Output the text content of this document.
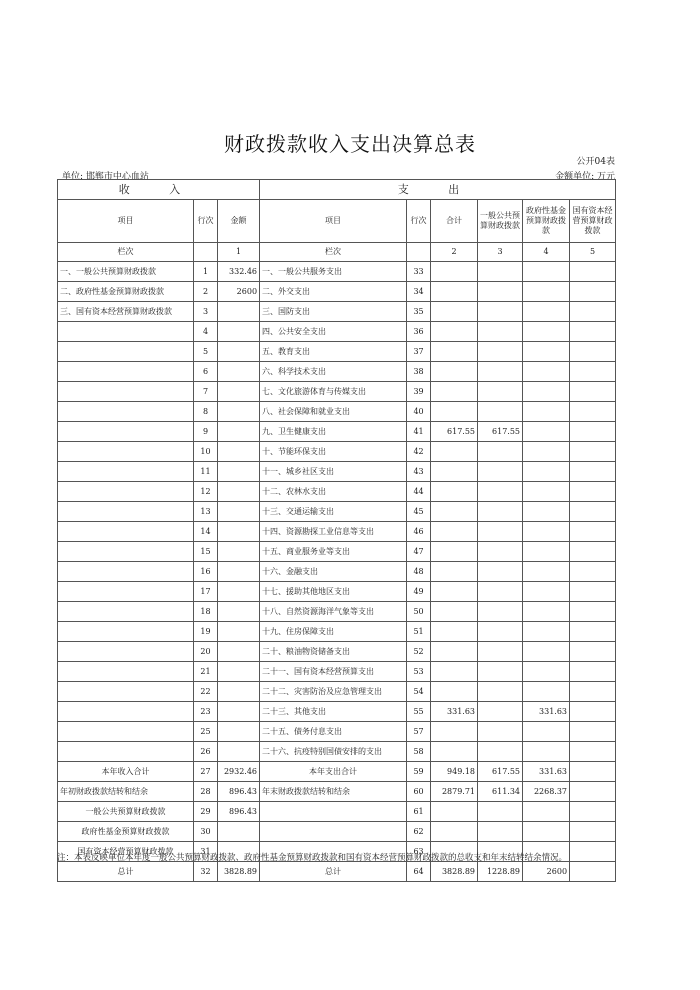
财政拨款收入支出决算总表
公开04表
单位: 邯郸市中心血站	金额单位: 万元
收 入			支 出					
项目	行次	金额	项目	行次	合计	一般公共预算财政拨款	政府性基金预算财政拨款	国有资本经营预算财政拨款
栏次		1	栏次		2	3	4	5
一、一般公共预算财政拨款	1	332.46	一、一般公共服务支出	33				
二、政府性基金预算财政拨款	2	2600	二、外交支出	34				
三、国有资本经营预算财政拨款	3		三、国防支出	35				
	4		四、公共安全支出	36				
	5		五、教育支出	37				
	6		六、科学技术支出	38				
	7		七、文化旅游体育与传媒支出	39				
	8		八、社会保障和就业支出	40				
	9		九、卫生健康支出	41	617.55	617.55		
	10		十、节能环保支出	42				
	11		十一、城乡社区支出	43				
	12		十二、农林水支出	44				
	13		十三、交通运输支出	45				
	14		十四、资源勘探工业信息等支出	46				
	15		十五、商业服务业等支出	47				
	16		十六、金融支出	48				
	17		十七、援助其他地区支出	49				
	18		十八、自然资源海洋气象等支出	50				
	19		十九、住房保障支出	51				
	20		二十、粮油物资储备支出	52				
	21		二十一、国有资本经营预算支出	53				
	22		二十二、灾害防治及应急管理支出	54				
	23		二十三、其他支出	55	331.63		331.63	
	25		二十五、债务付息支出	57				
	26		二十六、抗疫特别国债安排的支出	58				
本年收入合计	27	2932.46	本年支出合计	59	949.18	617.55	331.63	
年初财政拨款结转和结余	28	896.43	年末财政拨款结转和结余	60	2879.71	611.34	2268.37	
一般公共预算财政拨款	29	896.43		61				
政府性基金预算财政拨款	30			62				
国有资本经营预算财政拨款	31			63				
总计	32	3828.89	总计	64	3828.89	1228.89	2600	
注：本表反映单位本年度一般公共预算财政拨款、政府性基金预算财政拨款和国有资本经营预算财政拨款的总收支和年末结转结余情况。
